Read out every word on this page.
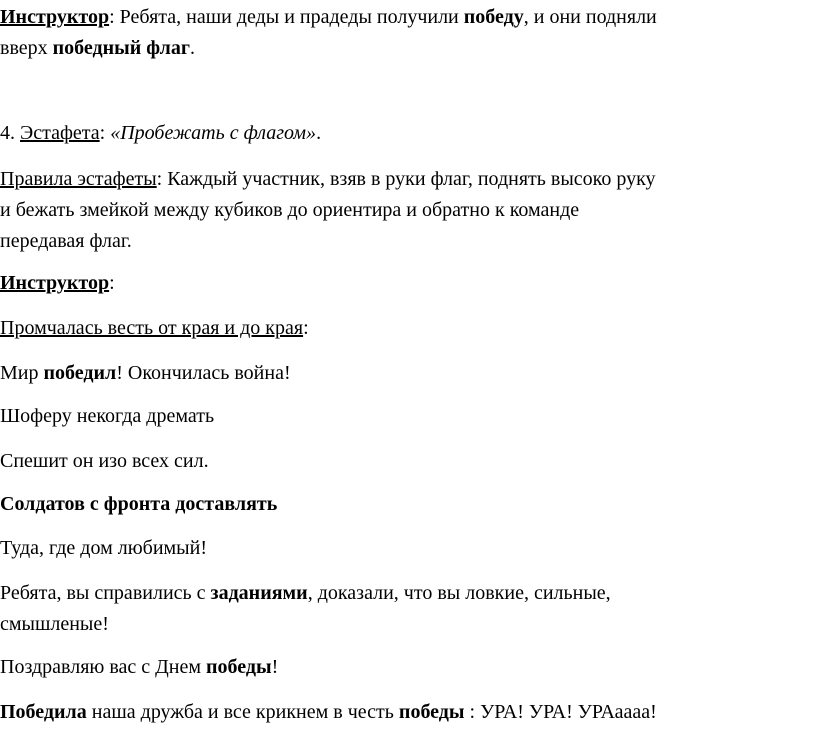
Инструктор: Ребята, наши деды и прадеды получили победу, и они подняли
вверх победный флаг.
4. Эстафета: «Пробежать с флагом».
Правила эстафеты: Каждый участник, взяв в руки флаг, поднять высоко руку
и бежать змейкой между кубиков до ориентира и обратно к команде
передавая флаг.
Инструктор:
Промчалась весть от края и до края:
Мир победил! Окончилась война!
Шоферу некогда дремать
Спешит он изо всех сил.
Солдатов с фронта доставлять
Туда, где дом любимый!
Ребята, вы справились с заданиями, доказали, что вы ловкие, сильные,
смышленые!
Поздравляю вас с Днем победы!
Победила наша дружба и все крикнем в честь победы : УРА! УРА! УРАаааа!
